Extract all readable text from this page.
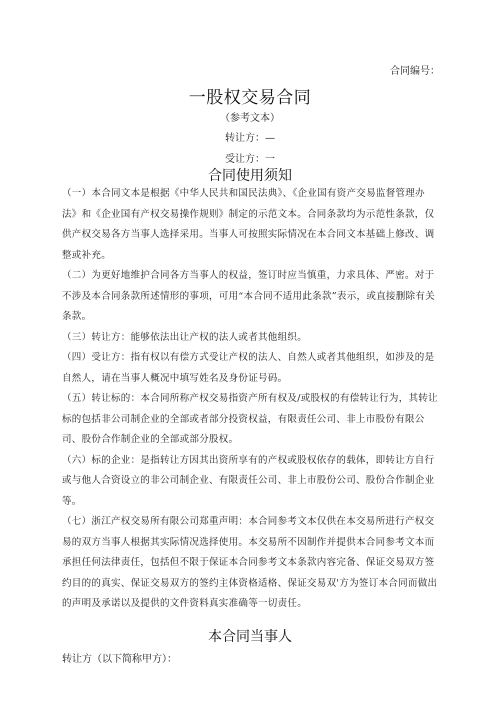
合同编号：
一股权交易合同
（参考文本）
转让方：—
受让方：一
合同使用须知

（一）本合同文本是根据《中华人民共和国民法典》、《企业国有资产交易监督管理办法》和《企业国有产权交易操作规则》制定的示范文本。合同条款均为示范性条款，仅供产权交易各方当事人选择采用。当事人可按照实际情况在本合同文本基础上修改、调整或补充。

（二）为更好地维护合同各方当事人的权益，签订时应当慎重，力求具体、严密。对于不涉及本合同条款所述情形的事项，可用“本合同不适用此条款”表示，或直接删除有关条款。

（三）转让方：能够依法出让产权的法人或者其他组织。

（四）受让方：指有权以有偿方式受让产权的法人、自然人或者其他组织，如涉及的是自然人，请在当事人概况中填写姓名及身份证号码。

（五）转让标的：本合同所称产权交易指资产所有权及/或股权的有偿转让行为，其转让标的包括非公司制企业的全部或者部分投资权益，有限责任公司、非上市股份有限公司、股份合作制企业的全部或部分股权。

（六）标的企业：是指转让方因其出资所享有的产权或股权依存的载体，即转让方自行或与他人合资设立的非公司制企业、有限责任公司、非上市股份公司、股份合作制企业等。

（七）浙江产权交易所有限公司郑重声明：本合同参考文本仅供在本交易所进行产权交易的双方当事人根据其实际情况选择使用。本交易所不因制作并提供本合同参考文本而承担任何法律责任，包括但不限于保证本合同参考文本条款内容完备、保证交易双方签约目的的真实、保证交易双方的签约主体资格适格、保证交易双'方为签订本合同而做出的声明及承诺以及提供的文件资料真实准确等一切责任。

本合同当事人
转让方（以下简称甲方）：
